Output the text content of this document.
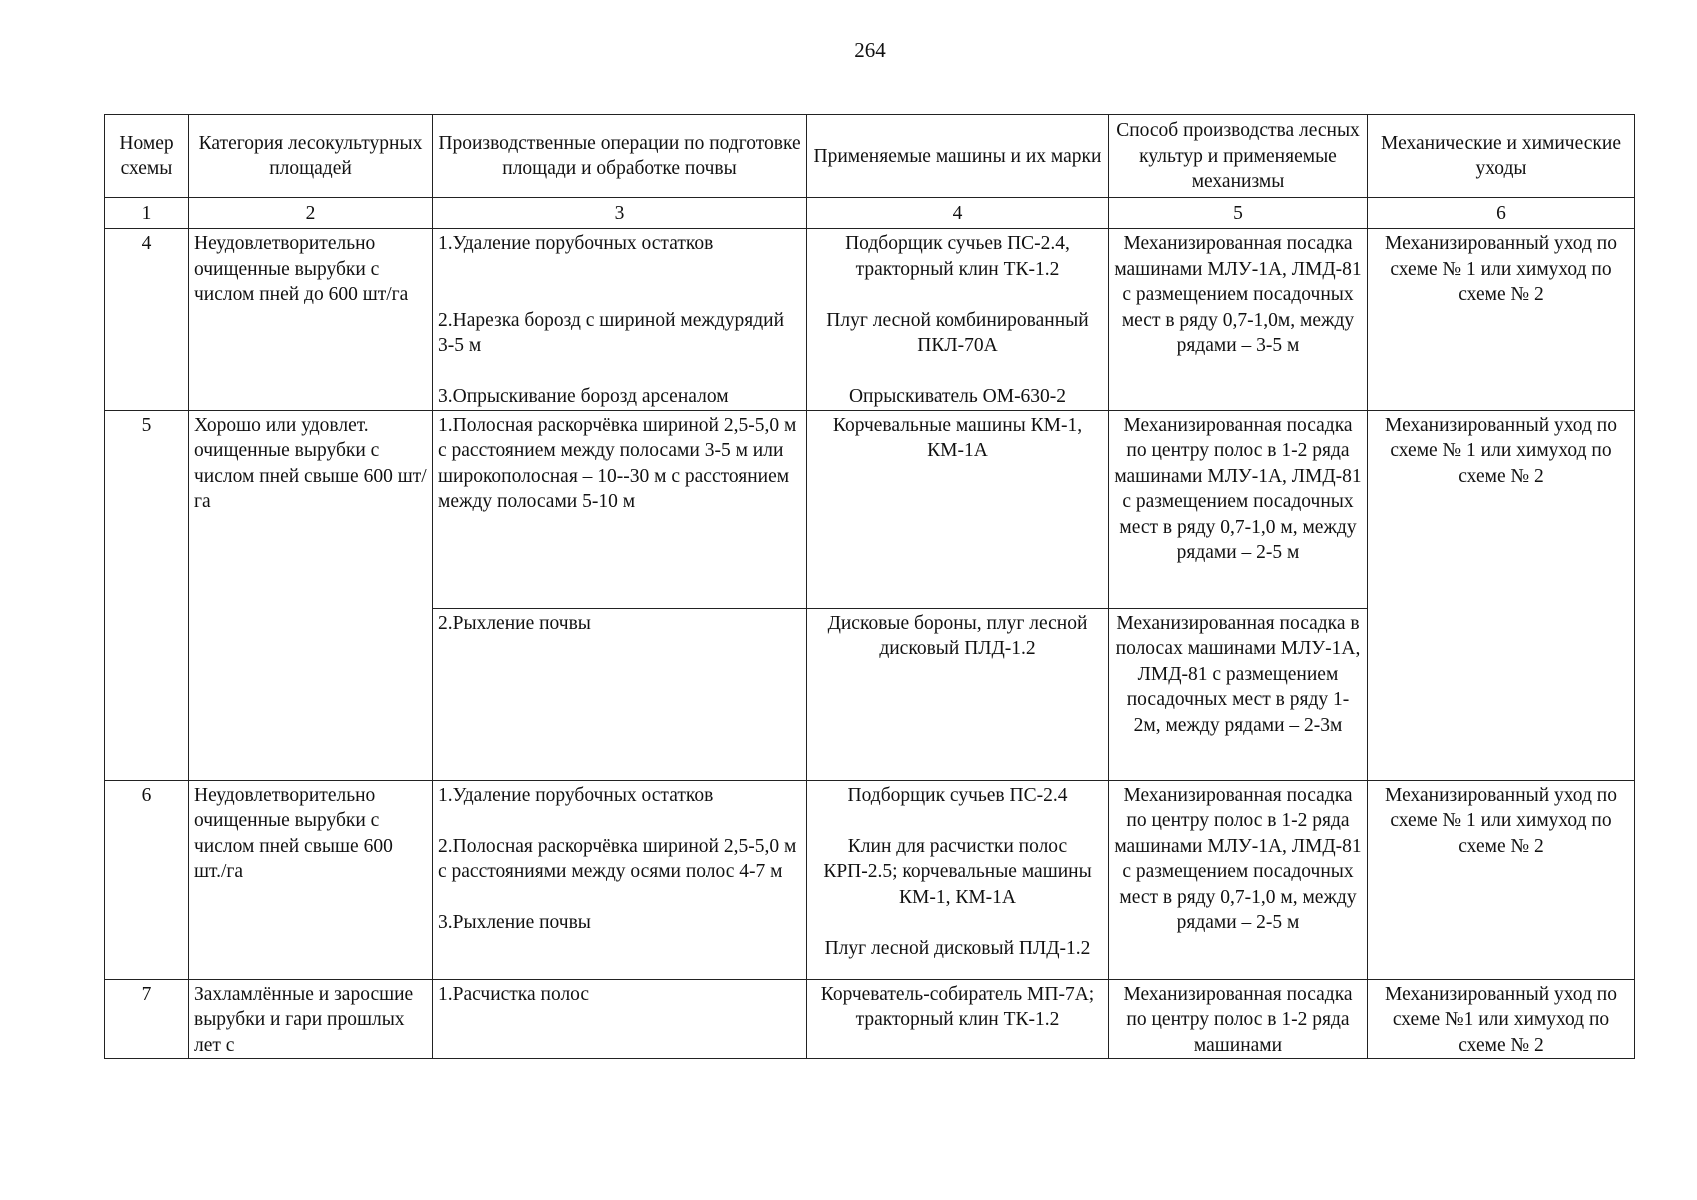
264
Номер схемы	Категория лесокультурных площадей	Производственные операции по подготовке площади и обработке почвы	Применяемые машины и их марки	Способ производства лесных культур и применяемые механизмы	Механические и химические уходы
1	2	3	4	5	6
4	Неудовлетворительно очищенные вырубки с числом пней до 600 шт/га	1.Удаление порубочных остатков
2.Нарезка борозд с шириной междурядий 3-5 м
3.Опрыскивание борозд арсеналом	Подборщик сучьев ПС-2.4, тракторный клин ТК-1.2
Плуг лесной комбинированный ПКЛ-70А
Опрыскиватель ОМ-630-2	Механизированная посадка машинами МЛУ-1А, ЛМД-81 с размещением посадочных мест в ряду 0,7-1,0м, между рядами – 3-5 м	Механизированный уход по схеме № 1 или химуход по схеме № 2
5	Хорошо или удовлет. очищенные вырубки с числом пней свыше 600 шт/га	1.Полосная раскорчёвка шириной 2,5-5,0 м с расстоянием между полосами 3-5 м или широкополосная – 10--30 м с расстоянием между полосами 5-10 м	Корчевальные машины КМ-1, КМ-1А	Механизированная посадка по центру полос в 1-2 ряда машинами МЛУ-1А, ЛМД-81 с размещением посадочных мест в ряду 0,7-1,0 м, между рядами – 2-5 м	Механизированный уход по схеме № 1 или химуход по схеме № 2
		2.Рыхление почвы	Дисковые бороны, плуг лесной дисковый ПЛД-1.2	Механизированная посадка в полосах машинами МЛУ-1А, ЛМД-81 с размещением посадочных мест в ряду 1-2м, между рядами – 2-3м	
6	Неудовлетворительно очищенные вырубки с числом пней свыше 600 шт./га	1.Удаление порубочных остатков
2.Полосная раскорчёвка шириной 2,5-5,0 м с расстояниями между осями полос 4-7 м
3.Рыхление почвы	Подборщик сучьев ПС-2.4
Клин для расчистки полос КРП-2.5; корчевальные машины КМ-1, КМ-1А
Плуг лесной дисковый ПЛД-1.2	Механизированная посадка по центру полос в 1-2 ряда машинами МЛУ-1А, ЛМД-81 с размещением посадочных мест в ряду 0,7-1,0 м, между рядами – 2-5 м	Механизированный уход по схеме № 1 или химуход по схеме № 2
7	Захламлённые и заросшие вырубки и гари прошлых лет с	1.Расчистка полос	Корчеватель-собиратель МП-7А; тракторный клин ТК-1.2	Механизированная посадка по центру полос в 1-2 ряда машинами	Механизированный уход по схеме №1 или химуход по схеме № 2
